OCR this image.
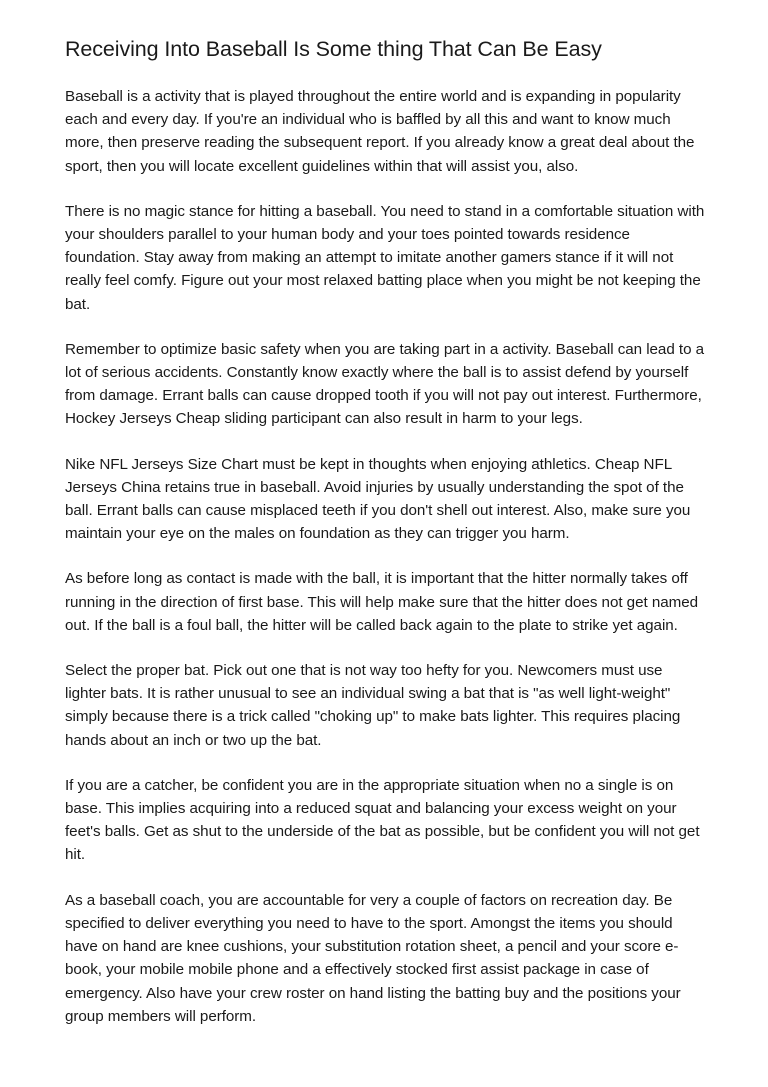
Receiving Into Baseball Is Some thing That Can Be Easy

Baseball is a activity that is played throughout the entire world and is expanding in popularity each and every day. If you're an individual who is baffled by all this and want to know much more, then preserve reading the subsequent report. If you already know a great deal about the sport, then you will locate excellent guidelines within that will assist you, also.

There is no magic stance for hitting a baseball. You need to stand in a comfortable situation with your shoulders parallel to your human body and your toes pointed towards residence foundation. Stay away from making an attempt to imitate another gamers stance if it will not really feel comfy. Figure out your most relaxed batting place when you might be not keeping the bat.

Remember to optimize basic safety when you are taking part in a activity. Baseball can lead to a lot of serious accidents. Constantly know exactly where the ball is to assist defend by yourself from damage. Errant balls can cause dropped tooth if you will not pay out interest. Furthermore, Hockey Jerseys Cheap sliding participant can also result in harm to your legs.

Nike NFL Jerseys Size Chart must be kept in thoughts when enjoying athletics. Cheap NFL Jerseys China retains true in baseball. Avoid injuries by usually understanding the spot of the ball. Errant balls can cause misplaced teeth if you don't shell out interest. Also, make sure you maintain your eye on the males on foundation as they can trigger you harm.

As before long as contact is made with the ball, it is important that the hitter normally takes off running in the direction of first base. This will help make sure that the hitter does not get named out. If the ball is a foul ball, the hitter will be called back again to the plate to strike yet again.

Select the proper bat. Pick out one that is not way too hefty for you. Newcomers must use lighter bats. It is rather unusual to see an individual swing a bat that is "as well light-weight" simply because there is a trick called "choking up" to make bats lighter. This requires placing hands about an inch or two up the bat.

If you are a catcher, be confident you are in the appropriate situation when no a single is on base. This implies acquiring into a reduced squat and balancing your excess weight on your feet's balls. Get as shut to the underside of the bat as possible, but be confident you will not get hit.

As a baseball coach, you are accountable for very a couple of factors on recreation day. Be specified to deliver everything you need to have to the sport. Amongst the items you should have on hand are knee cushions, your substitution rotation sheet, a pencil and your score e-book, your mobile mobile phone and a effectively stocked first assist package in case of emergency. Also have your crew roster on hand listing the batting buy and the positions your group members will perform.
